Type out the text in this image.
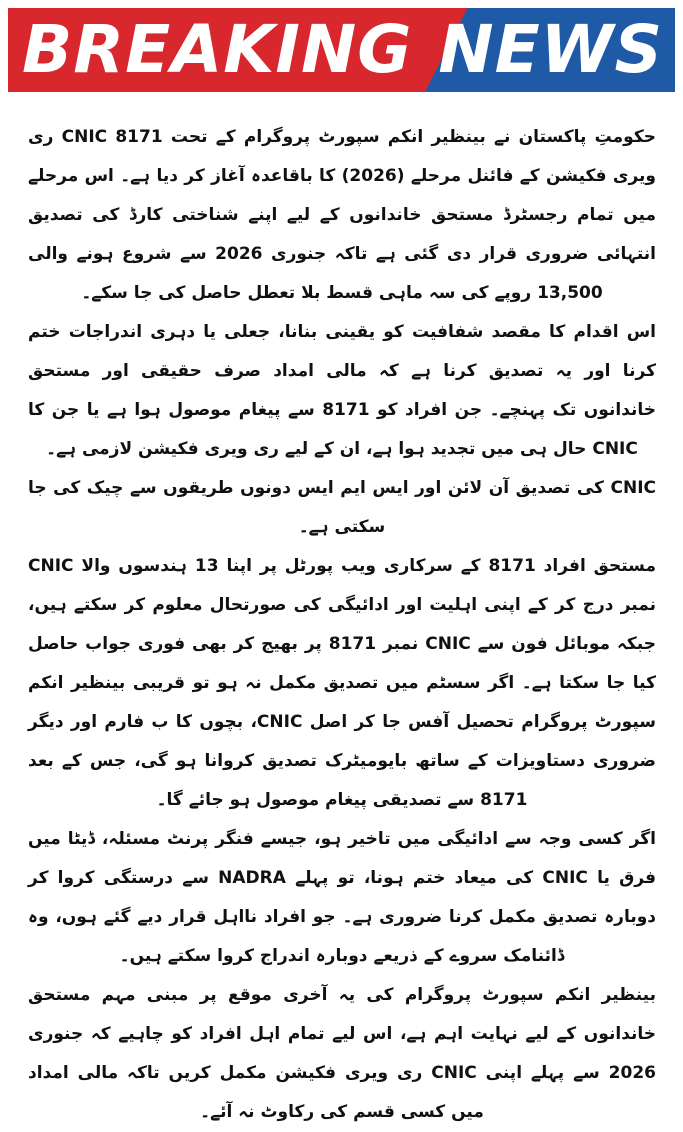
BREAKING NEWS

حکومتِ پاکستان نے بینظیر انکم سپورٹ پروگرام کے تحت CNIC 8171 ری ویری فکیشن کے فائنل مرحلے (2026) کا باقاعدہ آغاز کر دیا ہے۔ اس مرحلے میں تمام رجسٹرڈ مستحق خاندانوں کے لیے اپنے شناختی کارڈ کی تصدیق انتہائی ضروری قرار دی گئی ہے تاکہ جنوری 2026 سے شروع ہونے والی 13,500 روپے کی سہ ماہی قسط بلا تعطل حاصل کی جا سکے۔

اس اقدام کا مقصد شفافیت کو یقینی بنانا، جعلی یا دہری اندراجات ختم کرنا اور یہ تصدیق کرنا ہے کہ مالی امداد صرف حقیقی اور مستحق خاندانوں تک پہنچے۔ جن افراد کو 8171 سے پیغام موصول ہوا ہے یا جن کا CNIC حال ہی میں تجدید ہوا ہے، ان کے لیے ری ویری فکیشن لازمی ہے۔

CNIC کی تصدیق آن لائن اور ایس ایم ایس دونوں طریقوں سے چیک کی جا سکتی ہے۔

مستحق افراد 8171 کے سرکاری ویب پورٹل پر اپنا 13 ہندسوں والا CNIC نمبر درج کر کے اپنی اہلیت اور ادائیگی کی صورتحال معلوم کر سکتے ہیں، جبکہ موبائل فون سے CNIC نمبر 8171 پر بھیج کر بھی فوری جواب حاصل کیا جا سکتا ہے۔ اگر سسٹم میں تصدیق مکمل نہ ہو تو قریبی بینظیر انکم سپورٹ پروگرام تحصیل آفس جا کر اصل CNIC، بچوں کا ب فارم اور دیگر ضروری دستاویزات کے ساتھ بایومیٹرک تصدیق کروانا ہو گی، جس کے بعد 8171 سے تصدیقی پیغام موصول ہو جائے گا۔

اگر کسی وجہ سے ادائیگی میں تاخیر ہو، جیسے فنگر پرنٹ مسئلہ، ڈیٹا میں فرق یا CNIC کی میعاد ختم ہونا، تو پہلے NADRA سے درستگی کروا کر دوبارہ تصدیق مکمل کرنا ضروری ہے۔ جو افراد نااہل قرار دیے گئے ہوں، وہ ڈائنامک سروے کے ذریعے دوبارہ اندراج کروا سکتے ہیں۔

بینظیر انکم سپورٹ پروگرام کی یہ آخری موقع پر مبنی مہم مستحق خاندانوں کے لیے نہایت اہم ہے، اس لیے تمام اہل افراد کو چاہیے کہ جنوری 2026 سے پہلے اپنی CNIC ری ویری فکیشن مکمل کریں تاکہ مالی امداد میں کسی قسم کی رکاوٹ نہ آئے۔
